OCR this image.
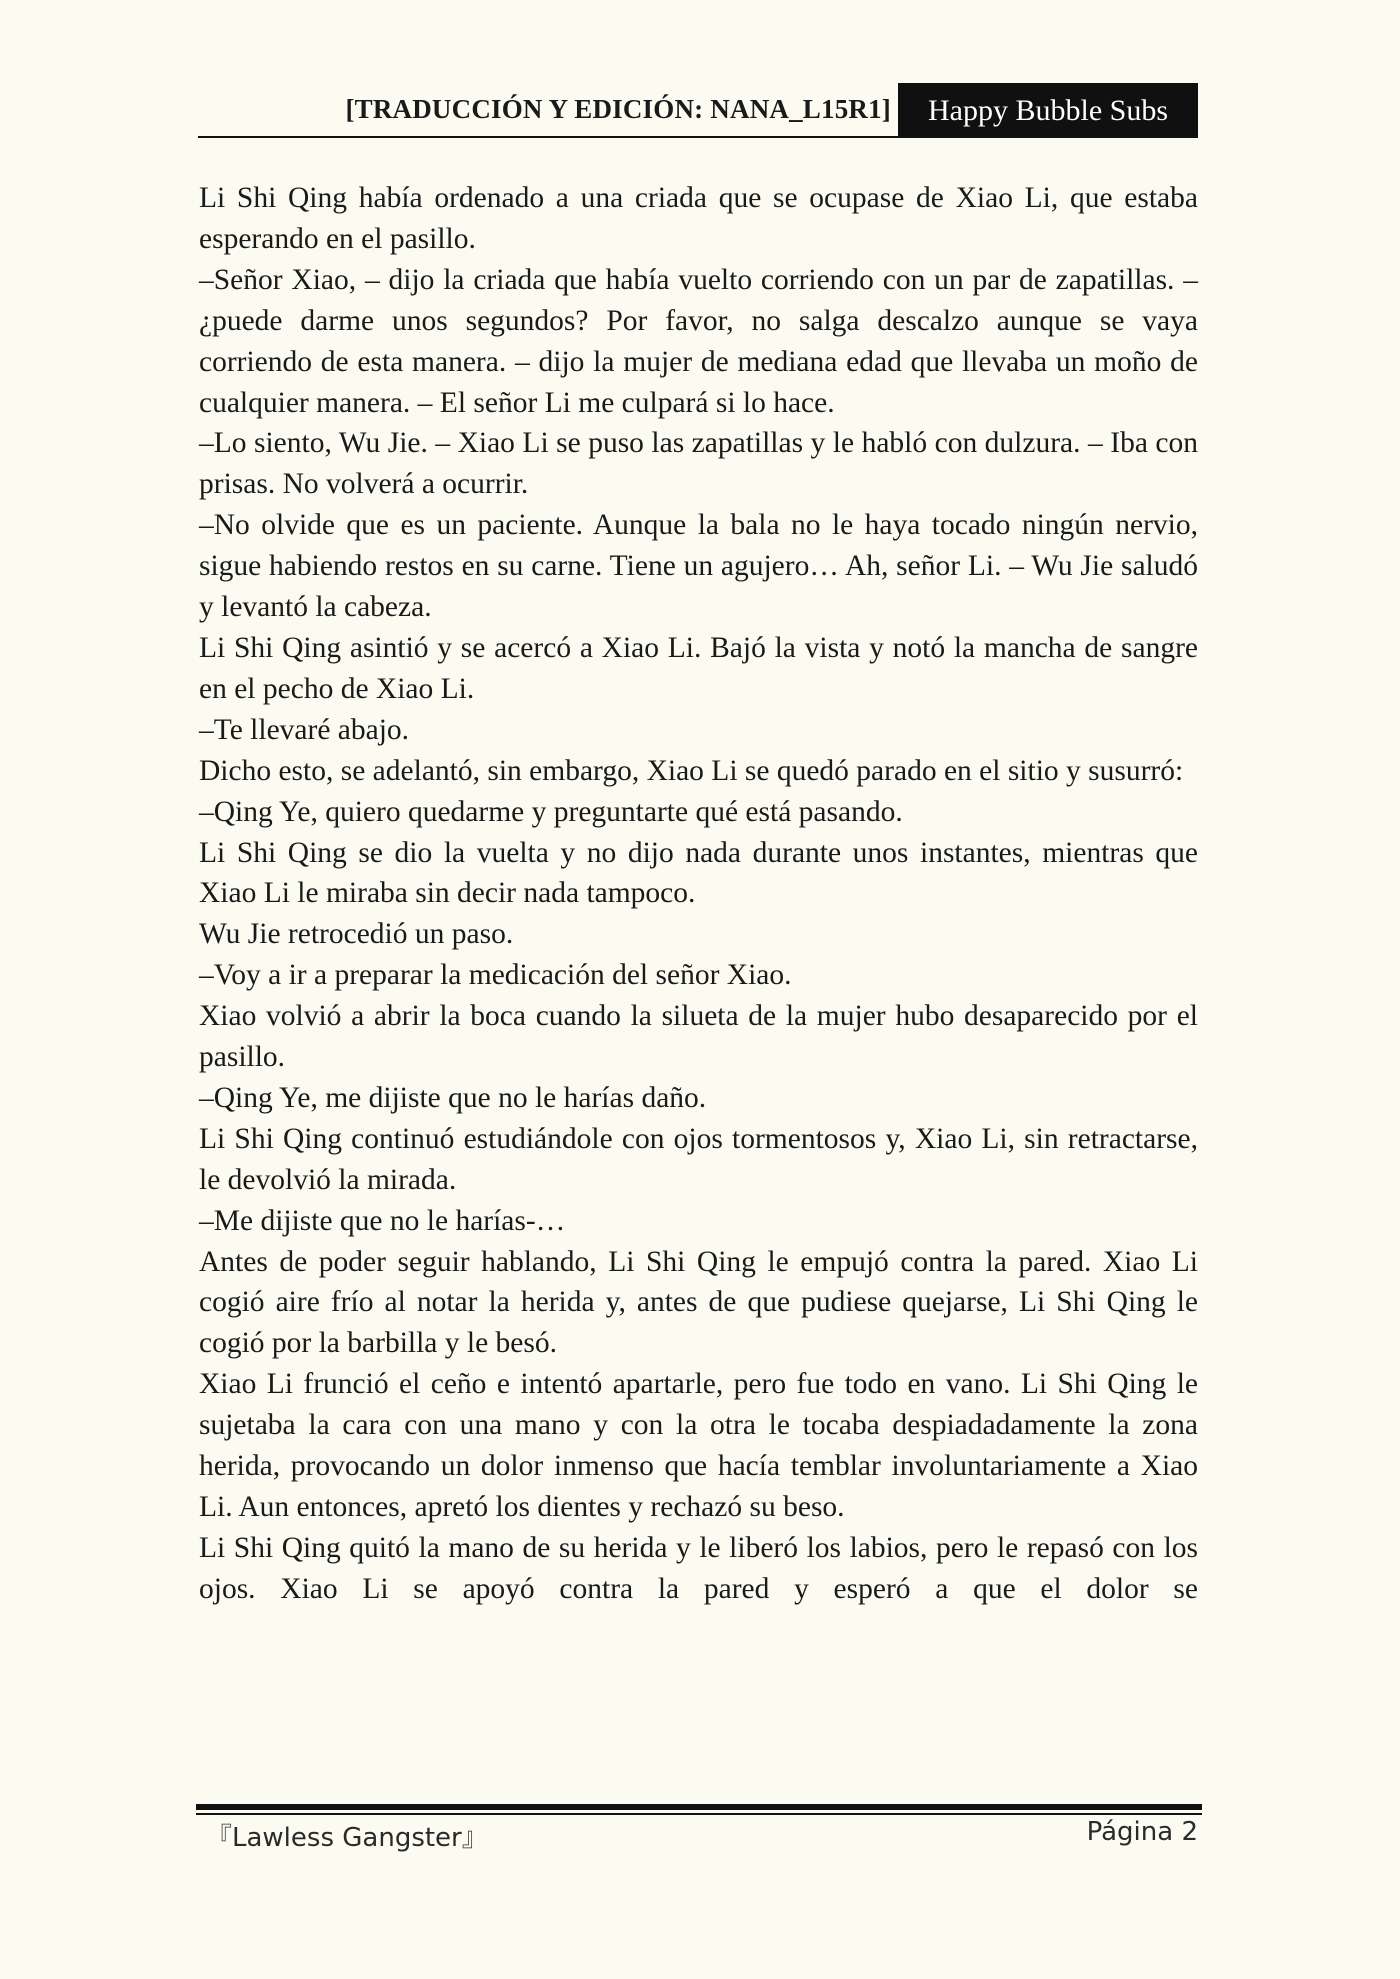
[TRADUCCIÓN Y EDICIÓN: NANA_L15R1]	Happy Bubble Subs

Li Shi Qing había ordenado a una criada que se ocupase de Xiao Li, que estaba esperando en el pasillo.

–Señor Xiao, – dijo la criada que había vuelto corriendo con un par de zapatillas. – ¿puede darme unos segundos? Por favor, no salga descalzo aunque se vaya corriendo de esta manera. – dijo la mujer de mediana edad que llevaba un moño de cualquier manera. – El señor Li me culpará si lo hace.

–Lo siento, Wu Jie. – Xiao Li se puso las zapatillas y le habló con dulzura. – Iba con prisas. No volverá a ocurrir.

–No olvide que es un paciente. Aunque la bala no le haya tocado ningún nervio, sigue habiendo restos en su carne. Tiene un agujero… Ah, señor Li. – Wu Jie saludó y levantó la cabeza.

Li Shi Qing asintió y se acercó a Xiao Li. Bajó la vista y notó la mancha de sangre en el pecho de Xiao Li.

–Te llevaré abajo.

Dicho esto, se adelantó, sin embargo, Xiao Li se quedó parado en el sitio y susurró:

–Qing Ye, quiero quedarme y preguntarte qué está pasando.

Li Shi Qing se dio la vuelta y no dijo nada durante unos instantes, mientras que Xiao Li le miraba sin decir nada tampoco.

Wu Jie retrocedió un paso.

–Voy a ir a preparar la medicación del señor Xiao.

Xiao volvió a abrir la boca cuando la silueta de la mujer hubo desaparecido por el pasillo.

–Qing Ye, me dijiste que no le harías daño.

Li Shi Qing continuó estudiándole con ojos tormentosos y, Xiao Li, sin retractarse, le devolvió la mirada.

–Me dijiste que no le harías-…

Antes de poder seguir hablando, Li Shi Qing le empujó contra la pared. Xiao Li cogió aire frío al notar la herida y, antes de que pudiese quejarse, Li Shi Qing le cogió por la barbilla y le besó.

Xiao Li frunció el ceño e intentó apartarle, pero fue todo en vano. Li Shi Qing le sujetaba la cara con una mano y con la otra le tocaba despiadadamente la zona herida, provocando un dolor inmenso que hacía temblar involuntariamente a Xiao Li. Aun entonces, apretó los dientes y rechazó su beso.

Li Shi Qing quitó la mano de su herida y le liberó los labios, pero le repasó con los ojos. Xiao Li se apoyó contra la pared y esperó a que el dolor se

『Lawless Gangster』	Página 2
